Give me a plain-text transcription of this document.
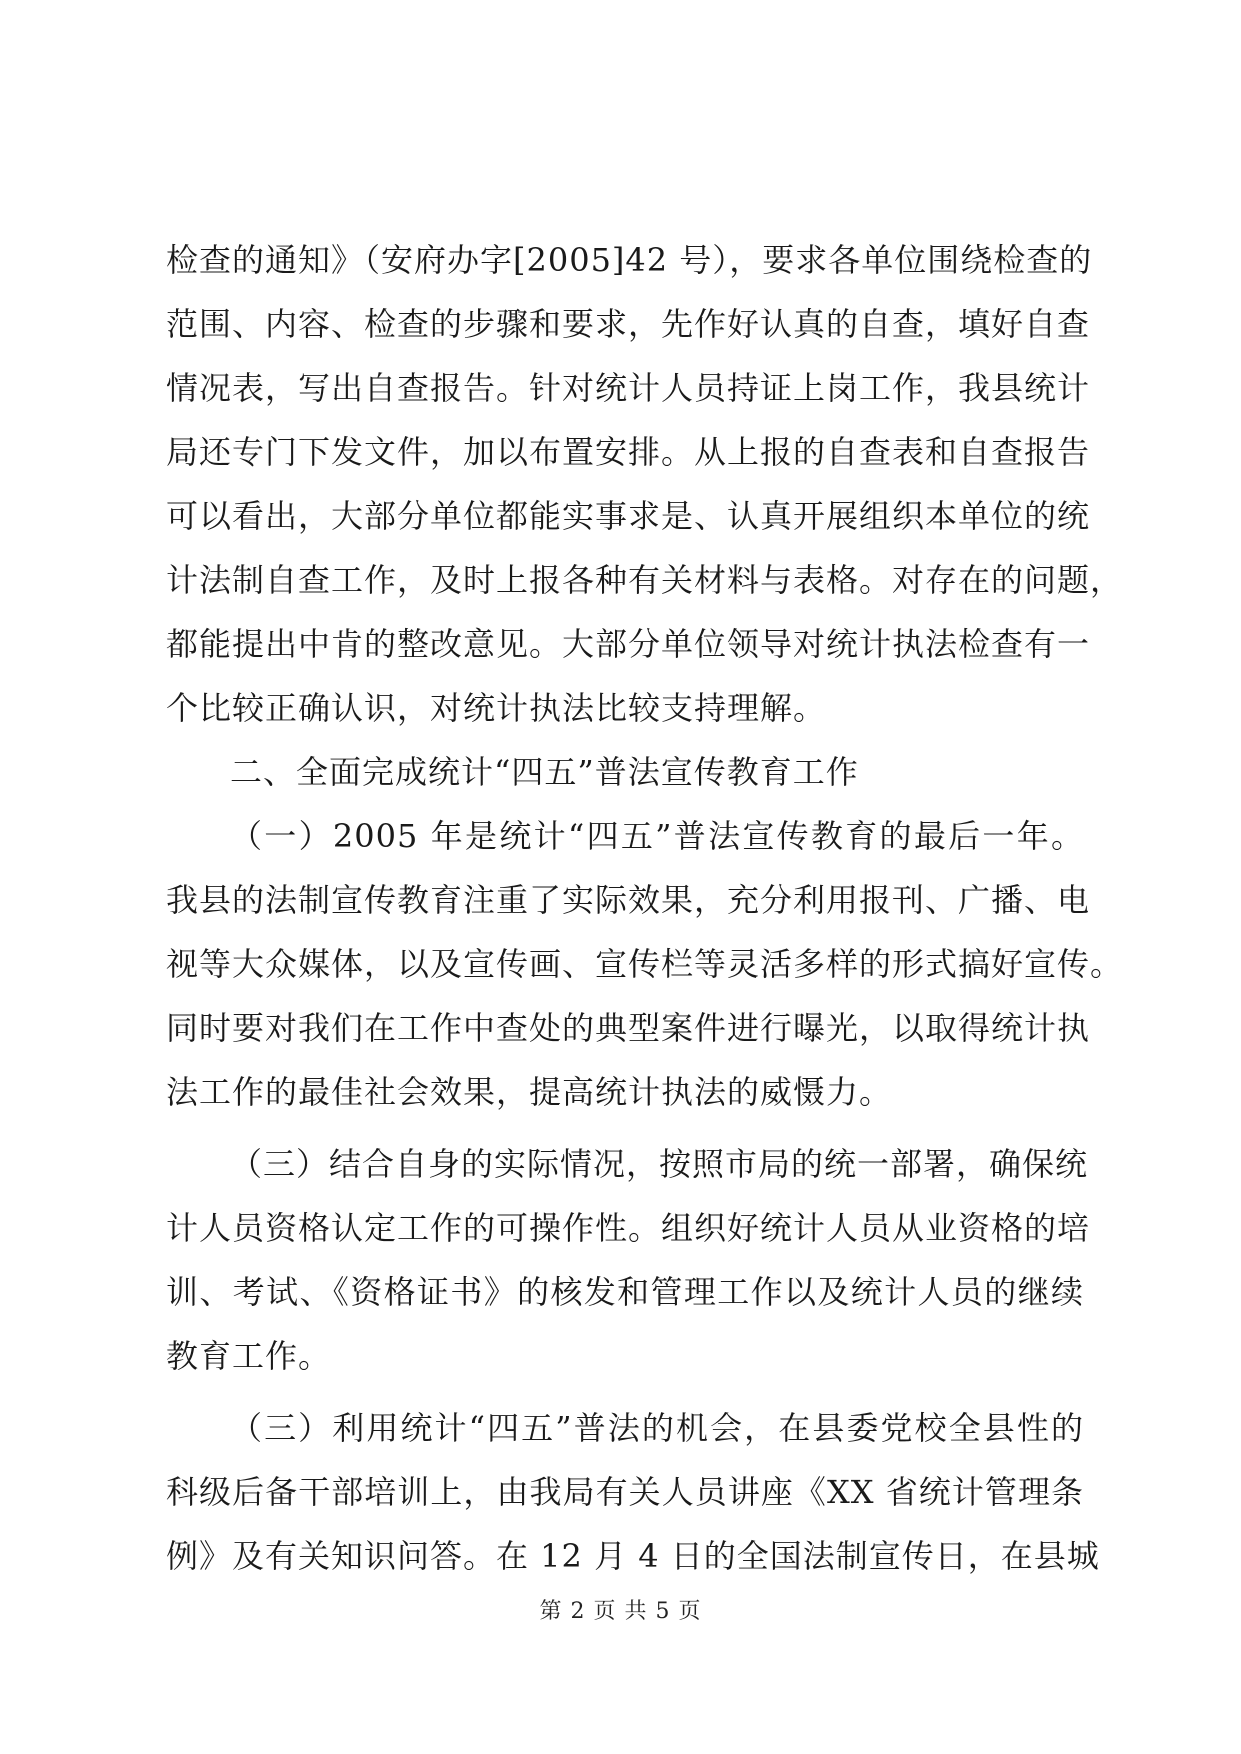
检查的通知》（安府办字[2005]42 号），要求各单位围绕检查的
范围、内容、检查的步骤和要求，先作好认真的自查，填好自查
情况表，写出自查报告。针对统计人员持证上岗工作，我县统计
局还专门下发文件，加以布置安排。从上报的自查表和自查报告
可以看出，大部分单位都能实事求是、认真开展组织本单位的统
计法制自查工作，及时上报各种有关材料与表格。对存在的问题，
都能提出中肯的整改意见。大部分单位领导对统计执法检查有一
个比较正确认识，对统计执法比较支持理解。
二、全面完成统计“四五”普法宣传教育工作
（一）2005 年是统计“四五”普法宣传教育的最后一年。
我县的法制宣传教育注重了实际效果，充分利用报刊、广播、电
视等大众媒体，以及宣传画、宣传栏等灵活多样的形式搞好宣传。
同时要对我们在工作中查处的典型案件进行曝光，以取得统计执
法工作的最佳社会效果，提高统计执法的威慑力。
（三）结合自身的实际情况，按照市局的统一部署，确保统
计人员资格认定工作的可操作性。组织好统计人员从业资格的培
训、考试、《资格证书》的核发和管理工作以及统计人员的继续
教育工作。
（三）利用统计“四五”普法的机会，在县委党校全县性的
科级后备干部培训上，由我局有关人员讲座《XX 省统计管理条
例》及有关知识问答。在 12 月 4 日的全国法制宣传日，在县城
第 2 页 共 5 页
